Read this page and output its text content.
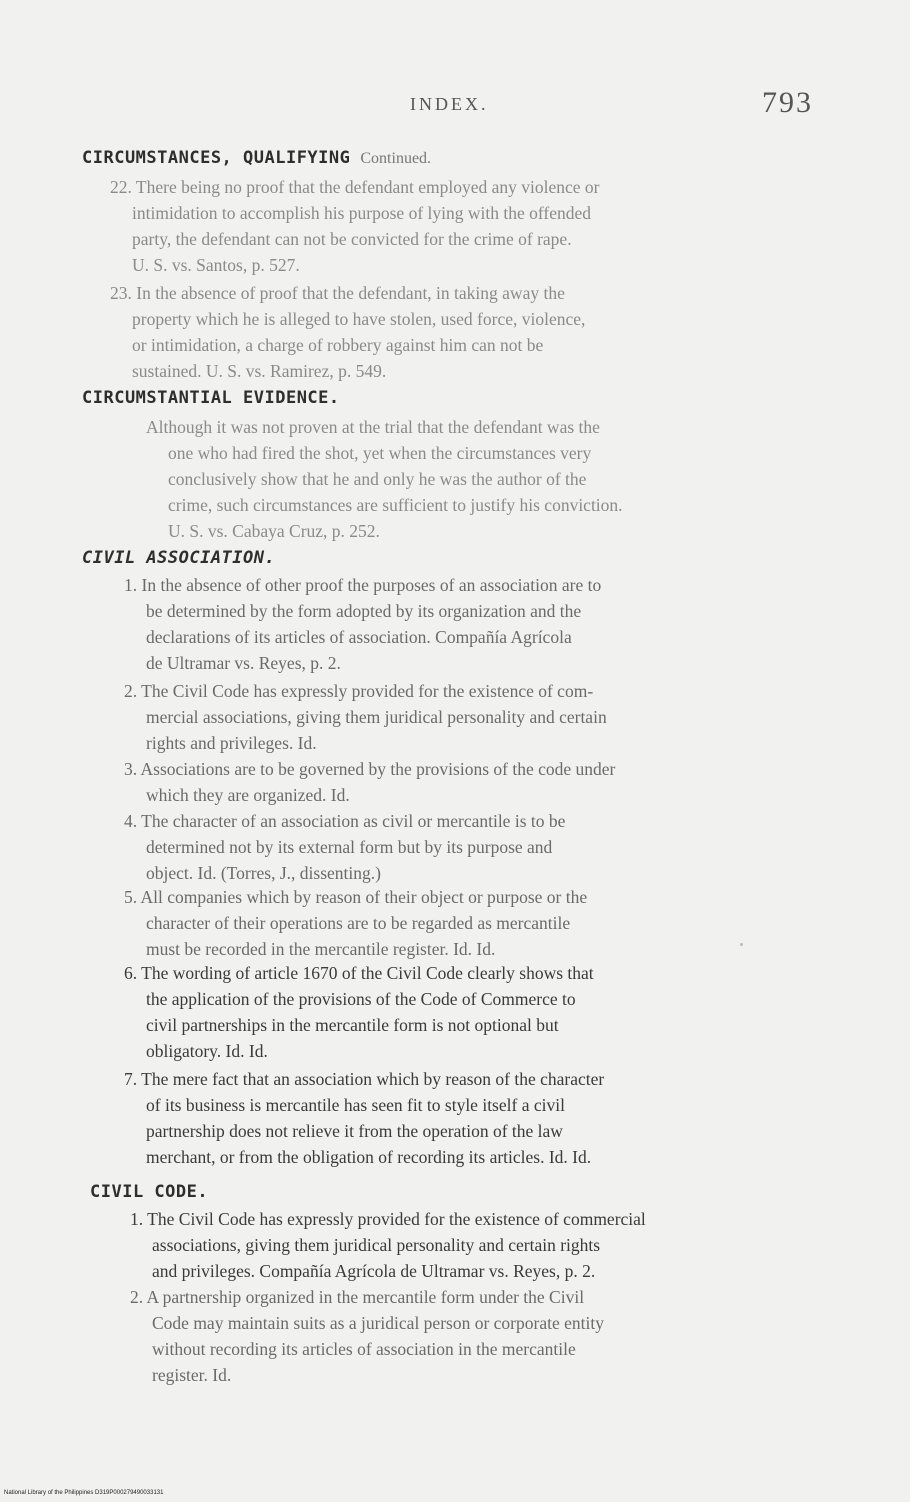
INDEX.	793
CIRCUMSTANCES, QUALIFYING Continued.
22. There being no proof that the defendant employed any violence or
intimidation to accomplish his purpose of lying with the offended
party, the defendant can not be convicted for the crime of rape.
U. S. vs. Santos, p. 527.
23. In the absence of proof that the defendant, in taking away the
property which he is alleged to have stolen, used force, violence,
or intimidation, a charge of robbery against him can not be
sustained. U. S. vs. Ramirez, p. 549.
CIRCUMSTANTIAL EVIDENCE.
Although it was not proven at the trial that the defendant was the
one who had fired the shot, yet when the circumstances very
conclusively show that he and only he was the author of the
crime, such circumstances are sufficient to justify his conviction.
U. S. vs. Cabaya Cruz, p. 252.
CIVIL ASSOCIATION.
1. In the absence of other proof the purposes of an association are to
be determined by the form adopted by its organization and the
declarations of its articles of association. Compañía Agrícola
de Ultramar vs. Reyes, p. 2.
2. The Civil Code has expressly provided for the existence of com-
mercial associations, giving them juridical personality and certain
rights and privileges. Id.
3. Associations are to be governed by the provisions of the code under
which they are organized. Id.
4. The character of an association as civil or mercantile is to be
determined not by its external form but by its purpose and
object. Id. (Torres, J., dissenting.)
5. All companies which by reason of their object or purpose or the
character of their operations are to be regarded as mercantile
must be recorded in the mercantile register. Id. Id.
6. The wording of article 1670 of the Civil Code clearly shows that
the application of the provisions of the Code of Commerce to
civil partnerships in the mercantile form is not optional but
obligatory. Id. Id.
7. The mere fact that an association which by reason of the character
of its business is mercantile has seen fit to style itself a civil
partnership does not relieve it from the operation of the law
merchant, or from the obligation of recording its articles. Id. Id.
CIVIL CODE.
1. The Civil Code has expressly provided for the existence of commercial
associations, giving them juridical personality and certain rights
and privileges. Compañía Agrícola de Ultramar vs. Reyes, p. 2.
2. A partnership organized in the mercantile form under the Civil
Code may maintain suits as a juridical person or corporate entity
without recording its articles of association in the mercantile
register. Id.
National Library of the Philippines D319P000279490033131
